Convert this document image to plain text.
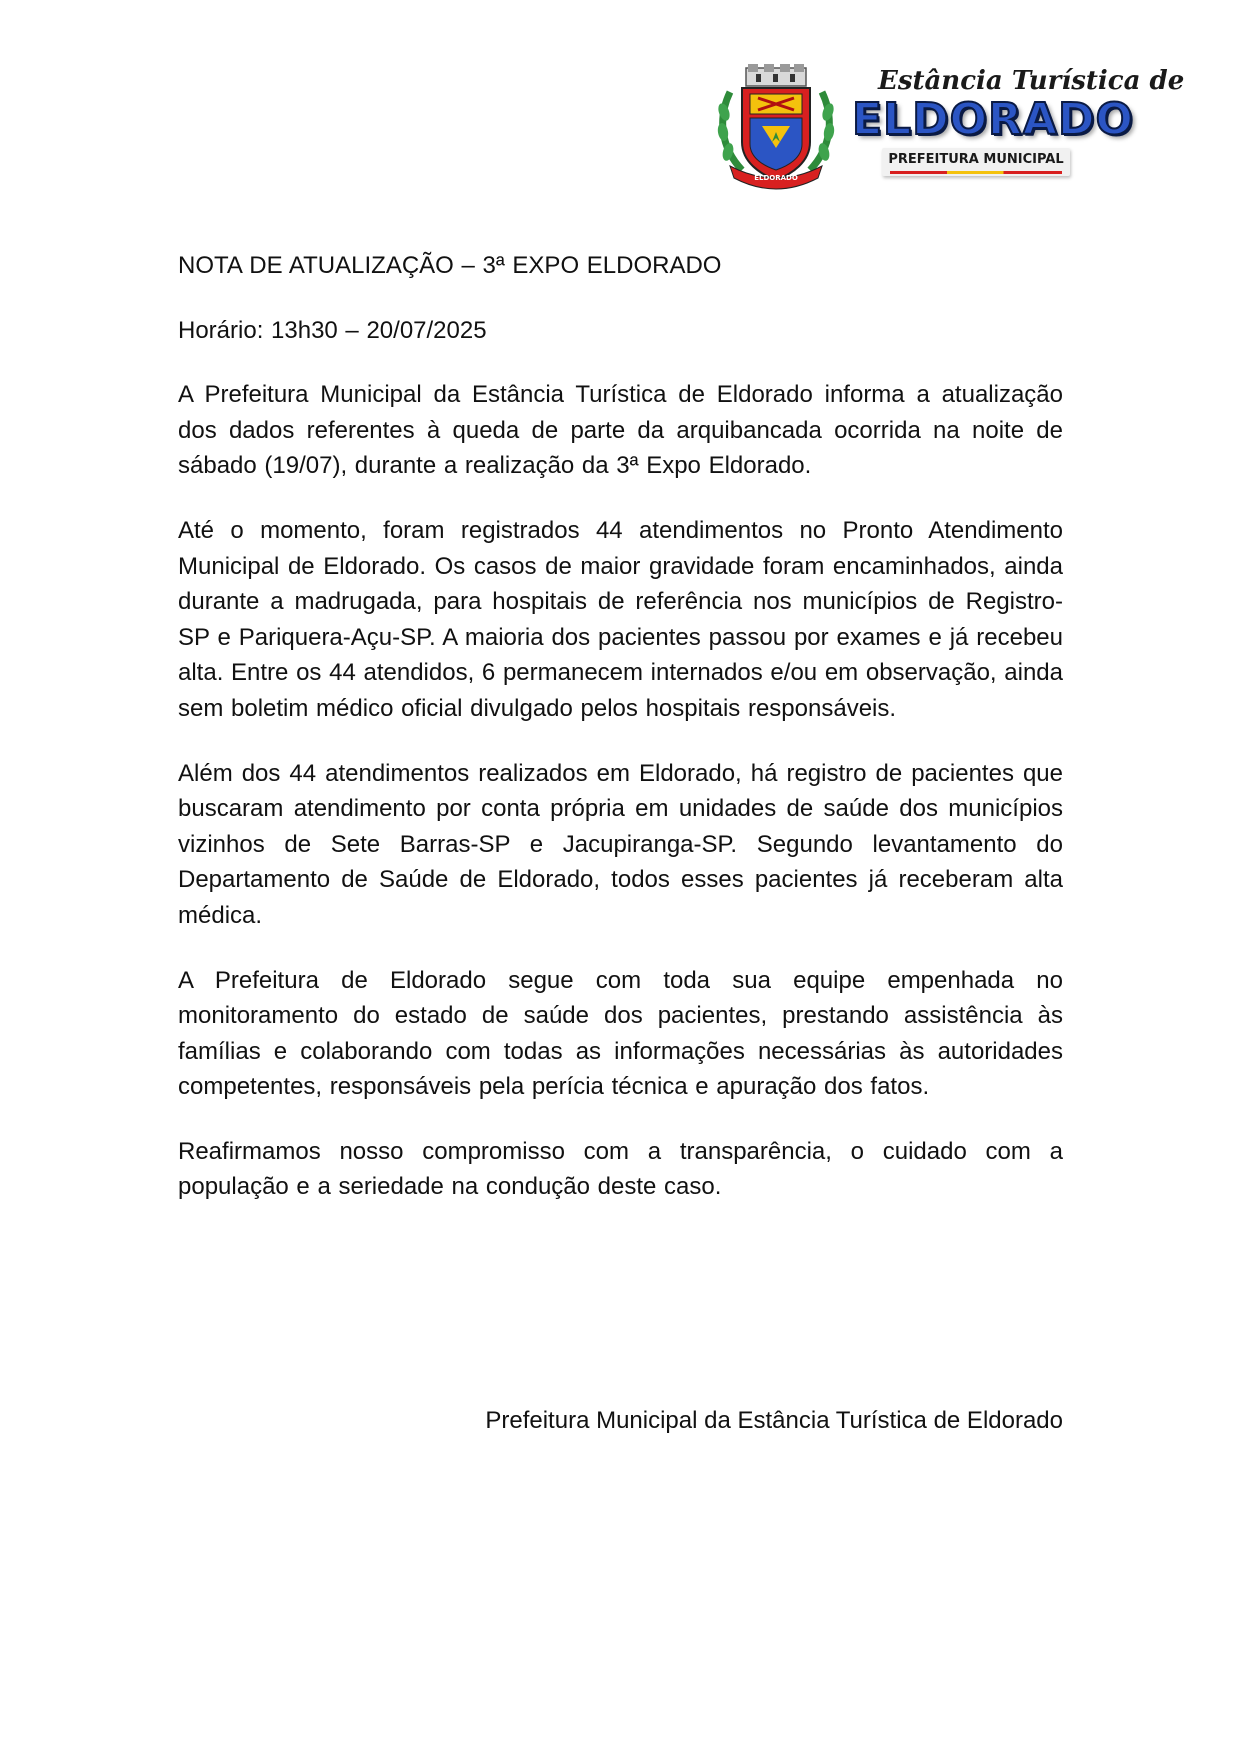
ELDORADO
Estância Turística de
ELDORADO
PREFEITURA MUNICIPAL

NOTA DE ATUALIZAÇÃO – 3ª EXPO ELDORADO

Horário: 13h30 – 20/07/2025

A Prefeitura Municipal da Estância Turística de Eldorado informa a atualização dos dados referentes à queda de parte da arquibancada ocorrida na noite de sábado (19/07), durante a realização da 3ª Expo Eldorado.

Até o momento, foram registrados 44 atendimentos no Pronto Atendimento Municipal de Eldorado. Os casos de maior gravidade foram encaminhados, ainda durante a madrugada, para hospitais de referência nos municípios de Registro-SP e Pariquera-Açu-SP. A maioria dos pacientes passou por exames e já recebeu alta. Entre os 44 atendidos, 6 permanecem internados e/ou em observação, ainda sem boletim médico oficial divulgado pelos hospitais responsáveis.

Além dos 44 atendimentos realizados em Eldorado, há registro de pacientes que buscaram atendimento por conta própria em unidades de saúde dos municípios vizinhos de Sete Barras-SP e Jacupiranga-SP. Segundo levantamento do Departamento de Saúde de Eldorado, todos esses pacientes já receberam alta médica.

A Prefeitura de Eldorado segue com toda sua equipe empenhada no monitoramento do estado de saúde dos pacientes, prestando assistência às famílias e colaborando com todas as informações necessárias às autoridades competentes, responsáveis pela perícia técnica e apuração dos fatos.

Reafirmamos nosso compromisso com a transparência, o cuidado com a população e a seriedade na condução deste caso.

Prefeitura Municipal da Estância Turística de Eldorado
